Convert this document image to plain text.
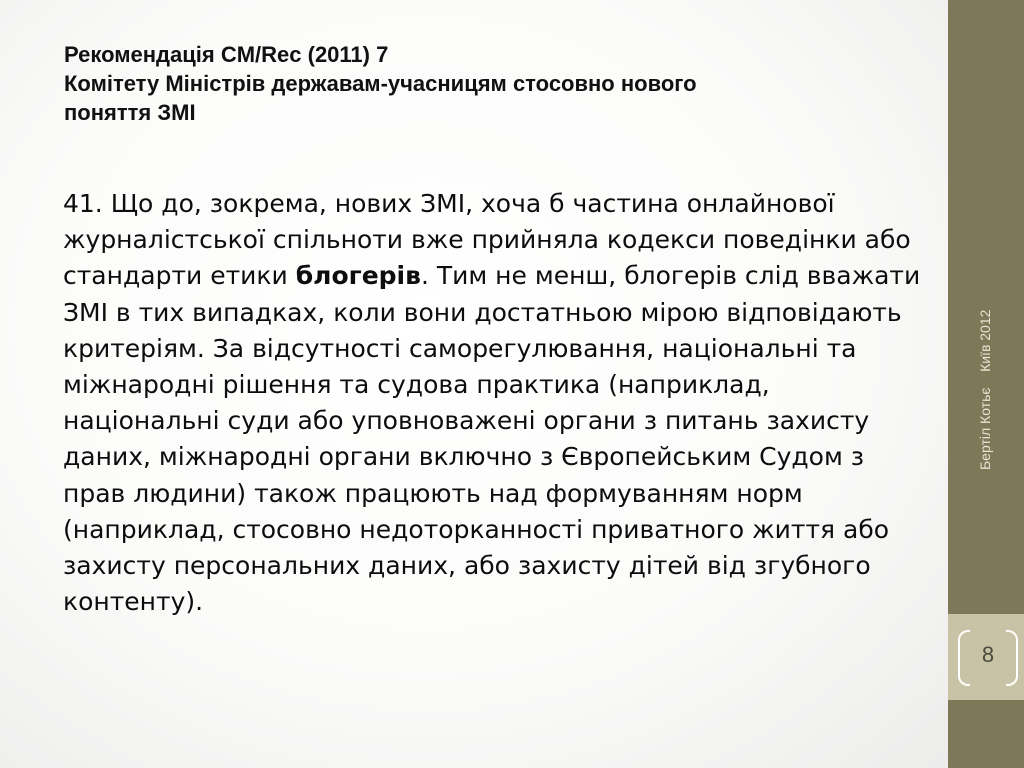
Рекомендація CM/Rec (2011) 7
Комітету Міністрів державам-учасницям стосовно нового
поняття ЗМІ
41. Що до, зокрема, нових ЗМІ, хоча б частина онлайнової журналістської спільноти вже прийняла кодекси поведінки або стандарти етики блогерів. Тим не менш, блогерів слід вважати ЗМІ в тих випадках, коли вони достатньою мірою відповідають критеріям. За відсутності саморегулювання, національні та міжнародні рішення та судова практика (наприклад, національні суди або уповноважені органи з питань захисту даних, міжнародні органи включно з Європейським Судом з прав людини) також працюють над формуванням норм (наприклад, стосовно недоторканності приватного життя або захисту персональних даних, або захисту дітей від згубного контенту).
Бертіл Котьє    Київ 2012
8
